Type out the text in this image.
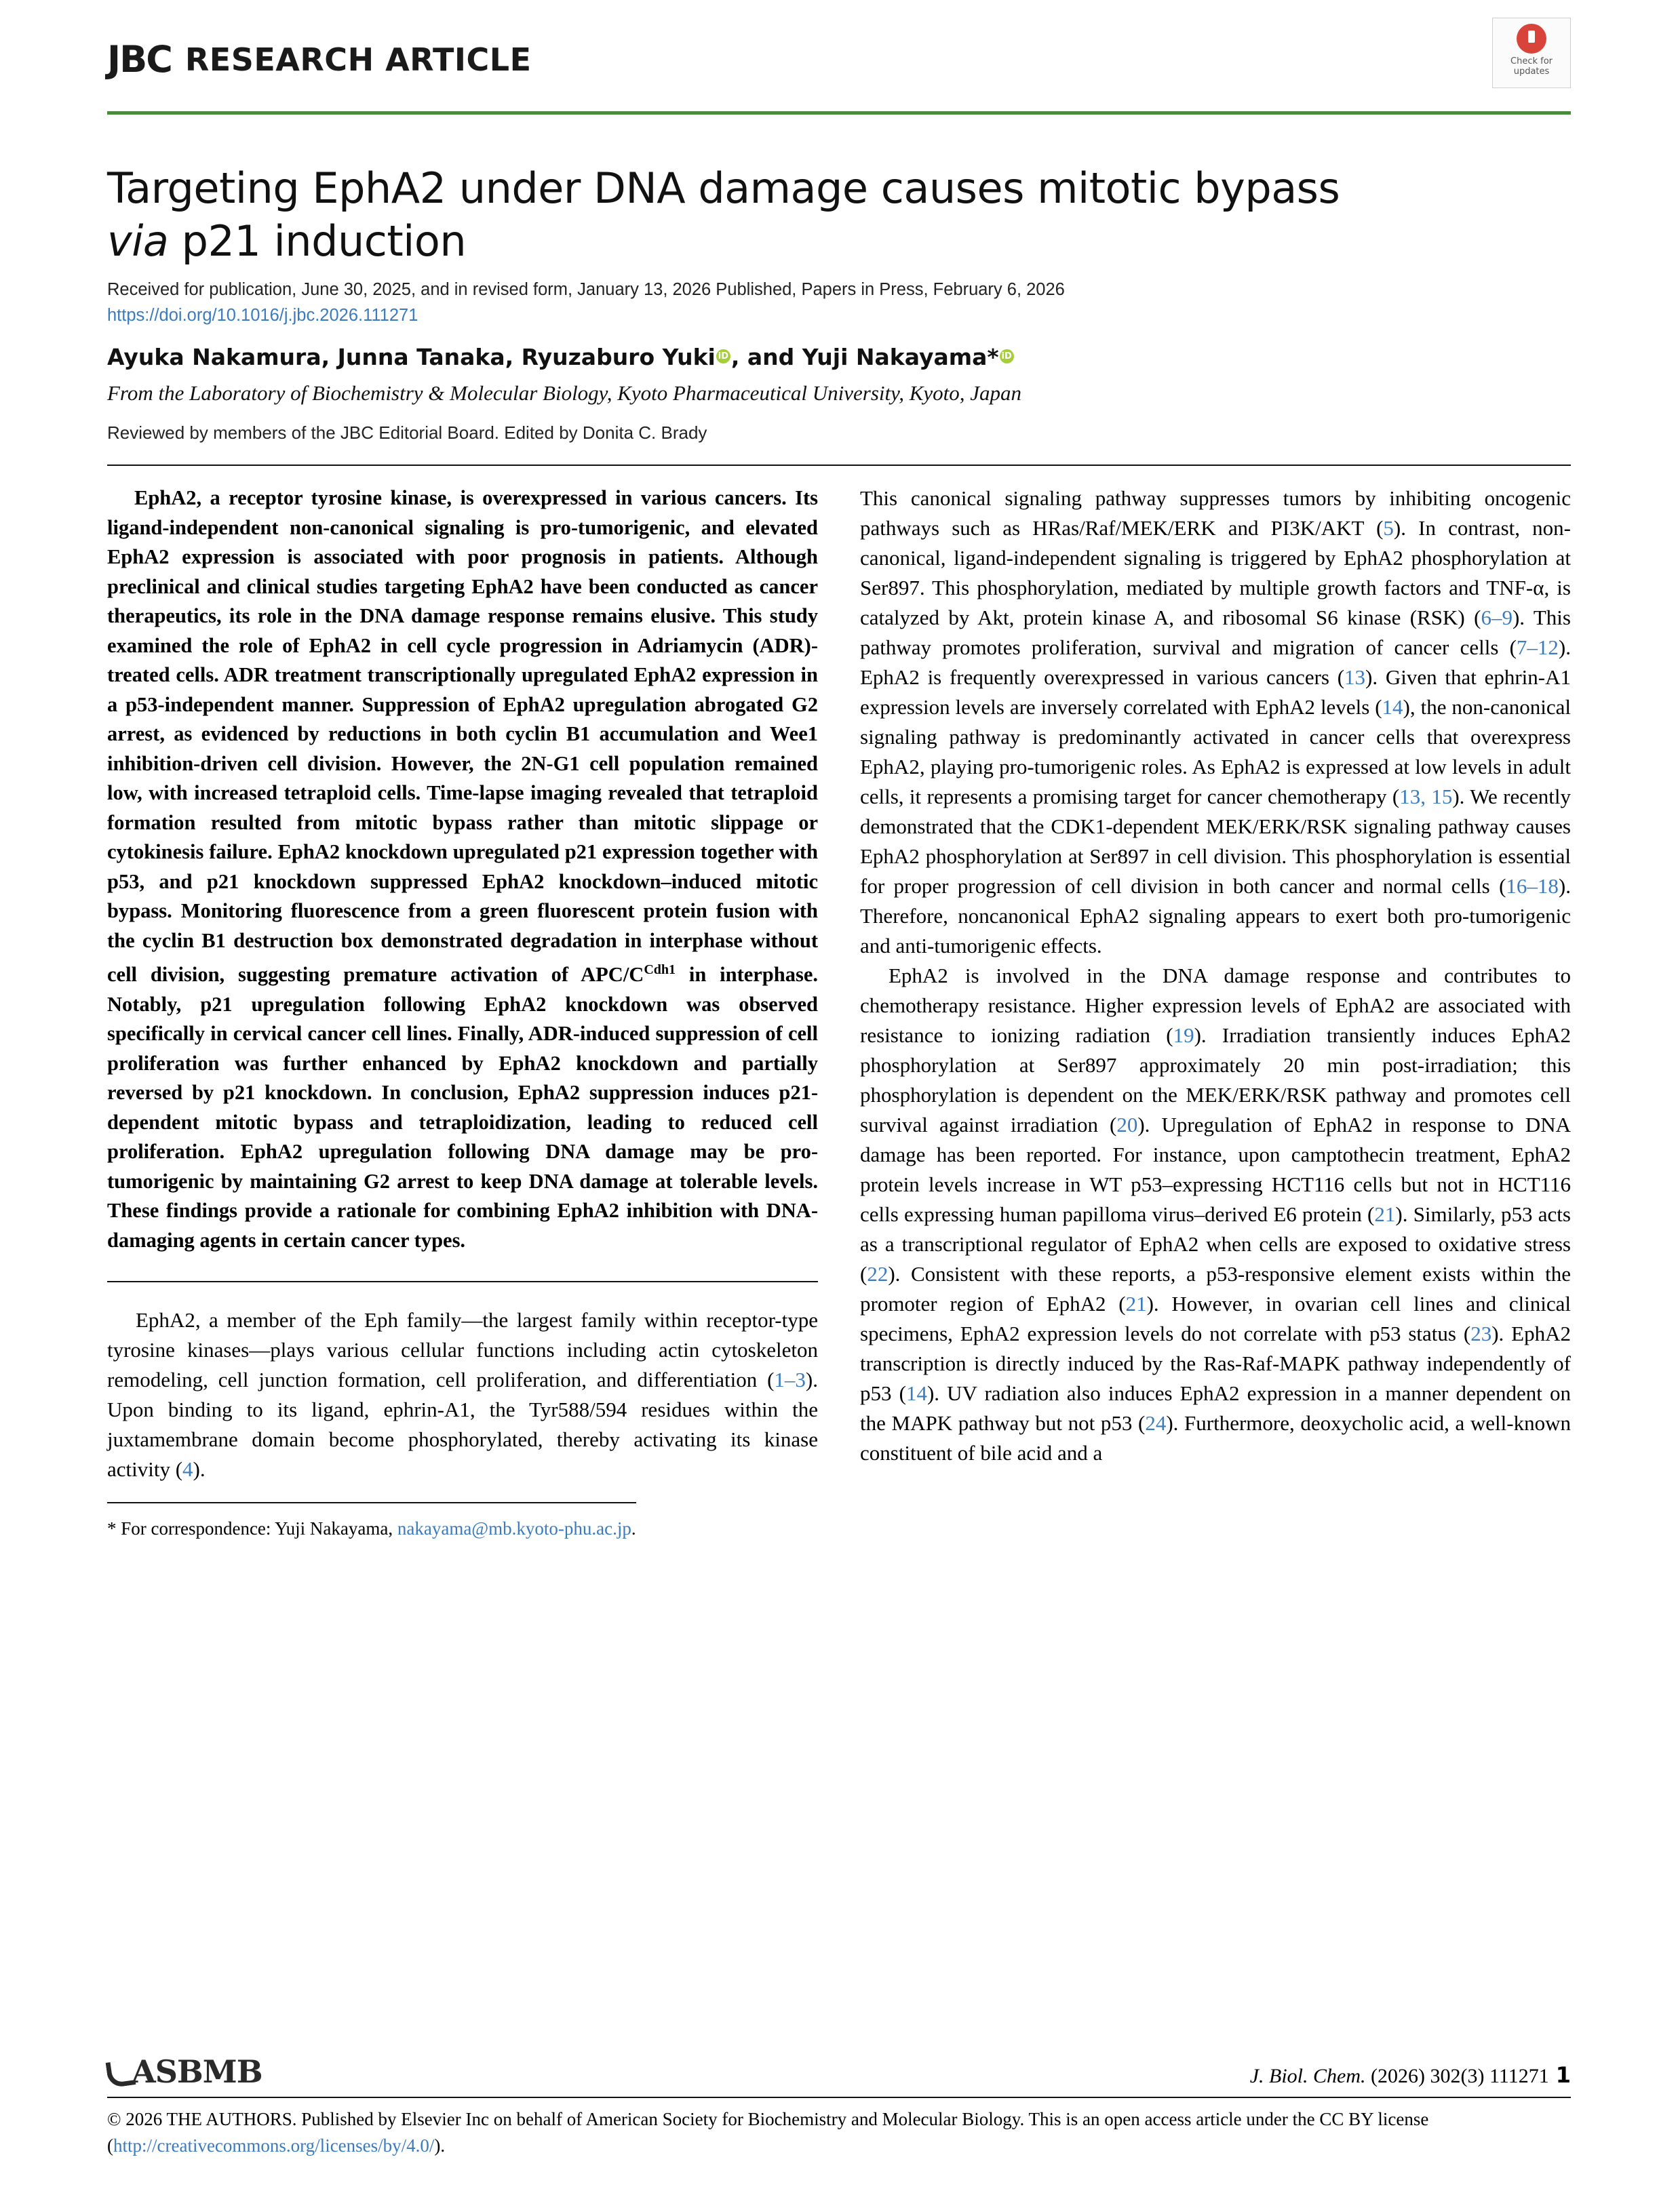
JBC RESEARCH ARTICLE	Check for
updates
Targeting EphA2 under DNA damage causes mitotic bypass
via p21 induction
Received for publication, June 30, 2025, and in revised form, January 13, 2026 Published, Papers in Press, February 6, 2026
https://doi.org/10.1016/j.jbc.2026.111271
Ayuka Nakamura, Junna Tanaka, Ryuzaburo Yuki iD , and Yuji Nakayama*iD
From the Laboratory of Biochemistry & Molecular Biology, Kyoto Pharmaceutical University, Kyoto, Japan
Reviewed by members of the JBC Editorial Board. Edited by Donita C. Brady

EphA2, a receptor tyrosine kinase, is overexpressed in various cancers. Its ligand-independent non-canonical signaling is pro-tumorigenic, and elevated EphA2 expression is associated with poor prognosis in patients. Although preclinical and clinical studies targeting EphA2 have been conducted as cancer therapeutics, its role in the DNA damage response remains elusive. This study examined the role of EphA2 in cell cycle progression in Adriamycin (ADR)-treated cells. ADR treatment transcriptionally upregulated EphA2 expression in a p53-independent manner. Suppression of EphA2 upregulation abrogated G2 arrest, as evidenced by reductions in both cyclin B1 accumulation and Wee1 inhibition-driven cell division. However, the 2N-G1 cell population remained low, with increased tetraploid cells. Time-lapse imaging revealed that tetraploid formation resulted from mitotic bypass rather than mitotic slippage or cytokinesis failure. EphA2 knockdown upregulated p21 expression together with p53, and p21 knockdown suppressed EphA2 knockdown–induced mitotic bypass. Monitoring fluorescence from a green fluorescent protein fusion with the cyclin B1 destruction box demonstrated degradation in interphase without cell division, suggesting premature activation of APC/$C^{Cdh1}$ in interphase. Notably, p21 upregulation following EphA2 knockdown was observed specifically in cervical cancer cell lines. Finally, ADR-induced suppression of cell proliferation was further enhanced by EphA2 knockdown and partially reversed by p21 knockdown. In conclusion, EphA2 suppression induces p21-dependent mitotic bypass and tetraploidization, leading to reduced cell proliferation. EphA2 upregulation following DNA damage may be pro-tumorigenic by maintaining G2 arrest to keep DNA damage at tolerable levels. These findings provide a rationale for combining EphA2 inhibition with DNA-damaging agents in certain cancer types.

EphA2, a member of the Eph family—the largest family within receptor-type tyrosine kinases—plays various cellular functions including actin cytoskeleton remodeling, cell junction formation, cell proliferation, and differentiation (1–3). Upon binding to its ligand, ephrin-A1, the Tyr588/594 residues within the juxtamembrane domain become phosphorylated, thereby activating its kinase activity (4).

* For correspondence: Yuji Nakayama, nakayama@mb.kyoto-phu.ac.jp.

This canonical signaling pathway suppresses tumors by inhibiting oncogenic pathways such as HRas/Raf/MEK/ERK and PI3K/AKT (5). In contrast, non-canonical, ligand-independent signaling is triggered by EphA2 phosphorylation at Ser897. This phosphorylation, mediated by multiple growth factors and TNF-α, is catalyzed by Akt, protein kinase A, and ribosomal S6 kinase (RSK) (6–9). This pathway promotes proliferation, survival and migration of cancer cells (7–12). EphA2 is frequently overexpressed in various cancers (13). Given that ephrin-A1 expression levels are inversely correlated with EphA2 levels (14), the non-canonical signaling pathway is predominantly activated in cancer cells that overexpress EphA2, playing pro-tumorigenic roles. As EphA2 is expressed at low levels in adult cells, it represents a promising target for cancer chemotherapy (13, 15). We recently demonstrated that the CDK1-dependent MEK/ERK/RSK signaling pathway causes EphA2 phosphorylation at Ser897 in cell division. This phosphorylation is essential for proper progression of cell division in both cancer and normal cells (16–18). Therefore, noncanonical EphA2 signaling appears to exert both pro-tumorigenic and anti-tumorigenic effects.

EphA2 is involved in the DNA damage response and contributes to chemotherapy resistance. Higher expression levels of EphA2 are associated with resistance to ionizing radiation (19). Irradiation transiently induces EphA2 phosphorylation at Ser897 approximately 20 min post-irradiation; this phosphorylation is dependent on the MEK/ERK/RSK pathway and promotes cell survival against irradiation (20). Upregulation of EphA2 in response to DNA damage has been reported. For instance, upon camptothecin treatment, EphA2 protein levels increase in WT p53–expressing HCT116 cells but not in HCT116 cells expressing human papilloma virus–derived E6 protein (21). Similarly, p53 acts as a transcriptional regulator of EphA2 when cells are exposed to oxidative stress (22). Consistent with these reports, a p53-responsive element exists within the promoter region of EphA2 (21). However, in ovarian cell lines and clinical specimens, EphA2 expression levels do not correlate with p53 status (23). EphA2 transcription is directly induced by the Ras-Raf-MAPK pathway independently of p53 (14). UV radiation also induces EphA2 expression in a manner dependent on the MAPK pathway but not p53 (24). Furthermore, deoxycholic acid, a well-known constituent of bile acid and a

ASBMB	J. Biol. Chem. (2026) 302(3) 111271 1
© 2026 THE AUTHORS. Published by Elsevier Inc on behalf of American Society for Biochemistry and Molecular Biology. This is an open access article under the CC BY license (http://creativecommons.org/licenses/by/4.0/).
